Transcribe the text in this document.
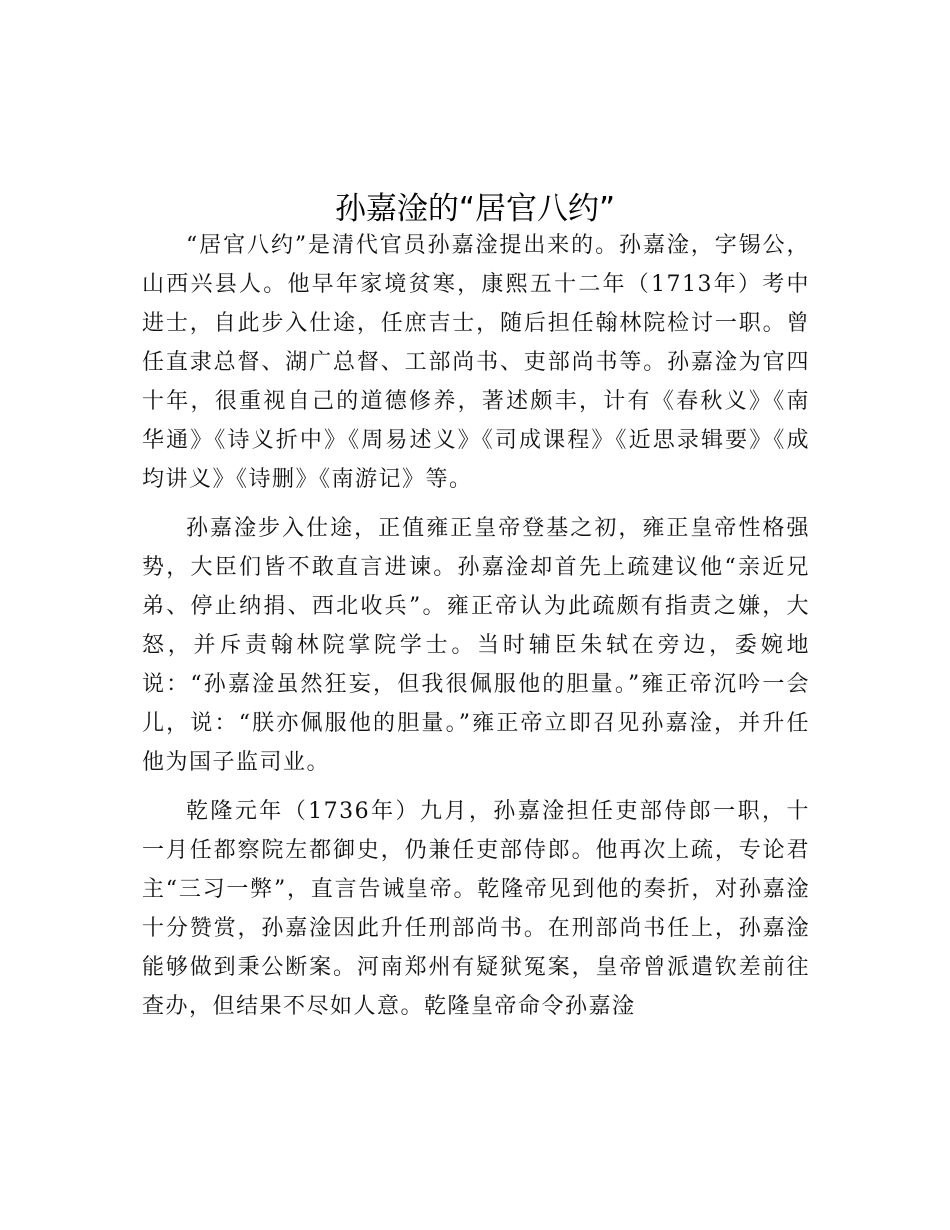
孙嘉淦的“居官八约”

“居官八约”是清代官员孙嘉淦提出来的。孙嘉淦，字锡公，山西兴县人。他早年家境贫寒，康熙五十二年（1713年）考中进士，自此步入仕途，任庶吉士，随后担任翰林院检讨一职。曾任直隶总督、湖广总督、工部尚书、吏部尚书等。孙嘉淦为官四十年，很重视自己的道德修养，著述颇丰，计有《春秋义》《南华通》《诗义折中》《周易述义》《司成课程》《近思录辑要》《成均讲义》《诗删》《南游记》等。

孙嘉淦步入仕途，正值雍正皇帝登基之初，雍正皇帝性格强势，大臣们皆不敢直言进谏。孙嘉淦却首先上疏建议他“亲近兄弟、停止纳捐、西北收兵”。雍正帝认为此疏颇有指责之嫌，大怒，并斥责翰林院掌院学士。当时辅臣朱轼在旁边，委婉地说：“孙嘉淦虽然狂妄，但我很佩服他的胆量。”雍正帝沉吟一会儿，说：“朕亦佩服他的胆量。”雍正帝立即召见孙嘉淦，并升任他为国子监司业。

乾隆元年（1736年）九月，孙嘉淦担任吏部侍郎一职，十一月任都察院左都御史，仍兼任吏部侍郎。他再次上疏，专论君主“三习一弊”，直言告诫皇帝。乾隆帝见到他的奏折，对孙嘉淦十分赞赏，孙嘉淦因此升任刑部尚书。在刑部尚书任上，孙嘉淦能够做到秉公断案。河南郑州有疑狱冤案，皇帝曾派遣钦差前往查办，但结果不尽如人意。乾隆皇帝命令孙嘉淦
